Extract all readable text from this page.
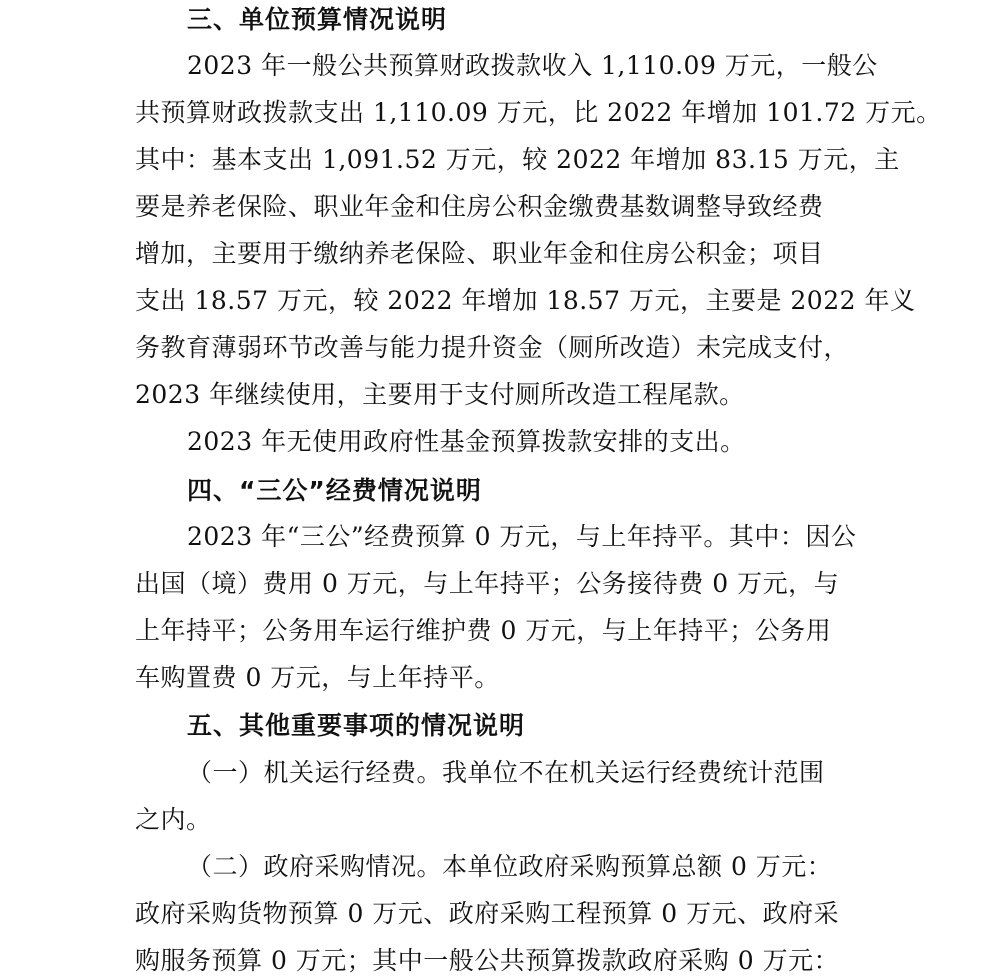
三、单位预算情况说明
2023 年一般公共预算财政拨款收入 1,110.09 万元，一般公
共预算财政拨款支出 1,110.09 万元，比 2022 年增加 101.72 万元。
其中：基本支出 1,091.52 万元，较 2022 年增加 83.15 万元，主
要是养老保险、职业年金和住房公积金缴费基数调整导致经费
增加，主要用于缴纳养老保险、职业年金和住房公积金；项目
支出 18.57 万元，较 2022 年增加 18.57 万元，主要是 2022 年义
务教育薄弱环节改善与能力提升资金（厕所改造）未完成支付，
2023 年继续使用，主要用于支付厕所改造工程尾款。
2023 年无使用政府性基金预算拨款安排的支出。
四、“三公”经费情况说明
2023 年“三公”经费预算 0 万元，与上年持平。其中：因公
出国（境）费用 0 万元，与上年持平；公务接待费 0 万元，与
上年持平；公务用车运行维护费 0 万元，与上年持平；公务用
车购置费 0 万元，与上年持平。
五、其他重要事项的情况说明
（一）机关运行经费。我单位不在机关运行经费统计范围
之内。
（二）政府采购情况。本单位政府采购预算总额 0 万元：
政府采购货物预算 0 万元、政府采购工程预算 0 万元、政府采
购服务预算 0 万元；其中一般公共预算拨款政府采购 0 万元：
